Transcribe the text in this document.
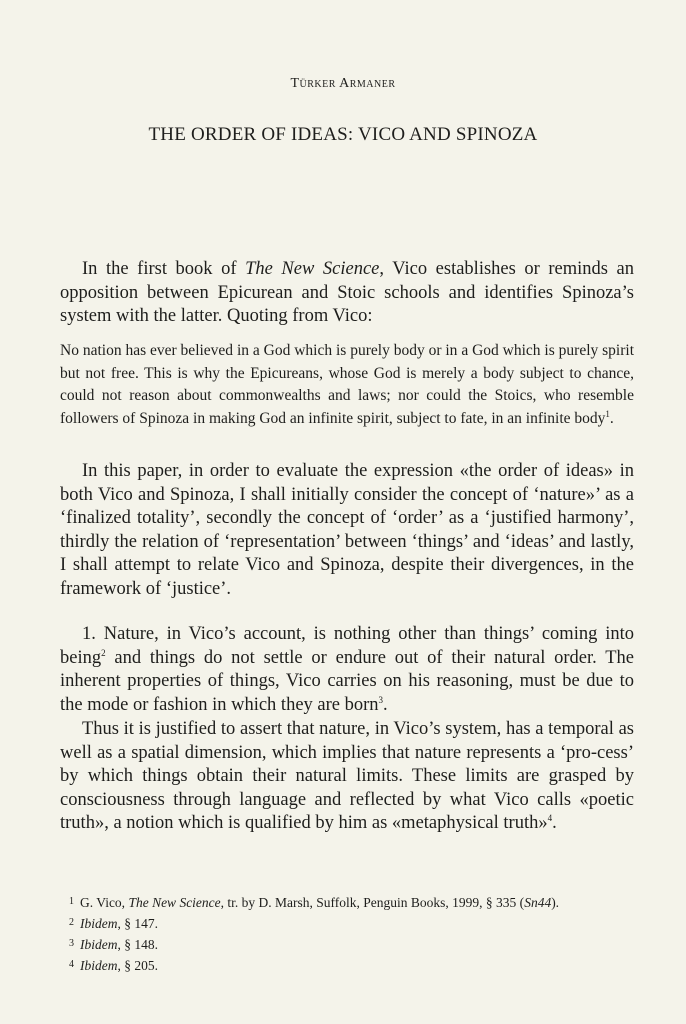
Türker Armaner
THE ORDER OF IDEAS: VICO AND SPINOZA
In the first book of The New Science, Vico establishes or reminds an opposition between Epicurean and Stoic schools and identifies Spinoza’s system with the latter. Quoting from Vico:
No nation has ever believed in a God which is purely body or in a God which is purely spirit but not free. This is why the Epicureans, whose God is merely a body subject to chance, could not reason about commonwealths and laws; nor could the Stoics, who resemble followers of Spinoza in making God an infinite spirit, subject to fate, in an infinite body$^1$.
In this paper, in order to evaluate the expression «the order of ideas» in both Vico and Spinoza, I shall initially consider the concept of ‘nature»’ as a ‘finalized totality’, secondly the concept of ‘order’ as a ‘justified harmony’, thirdly the relation of ‘representation’ between ‘things’ and ‘ideas’ and lastly, I shall attempt to relate Vico and Spinoza, despite their divergences, in the framework of ‘justice’.
1. Nature, in Vico’s account, is nothing other than things’ coming into being$^2$ and things do not settle or endure out of their natural order. The inherent properties of things, Vico carries on his reasoning, must be due to the mode or fashion in which they are born$^3$.
Thus it is justified to assert that nature, in Vico’s system, has a temporal as well as a spatial dimension, which implies that nature represents a ‘pro-cess’ by which things obtain their natural limits. These limits are grasped by consciousness through language and reflected by what Vico calls «poetic truth», a notion which is qualified by him as «metaphysical truth»$^4$.
1 G. Vico, The New Science, tr. by D. Marsh, Suffolk, Penguin Books, 1999, § 335 (Sn44).
2 Ibidem, § 147.
3 Ibidem, § 148.
4 Ibidem, § 205.
